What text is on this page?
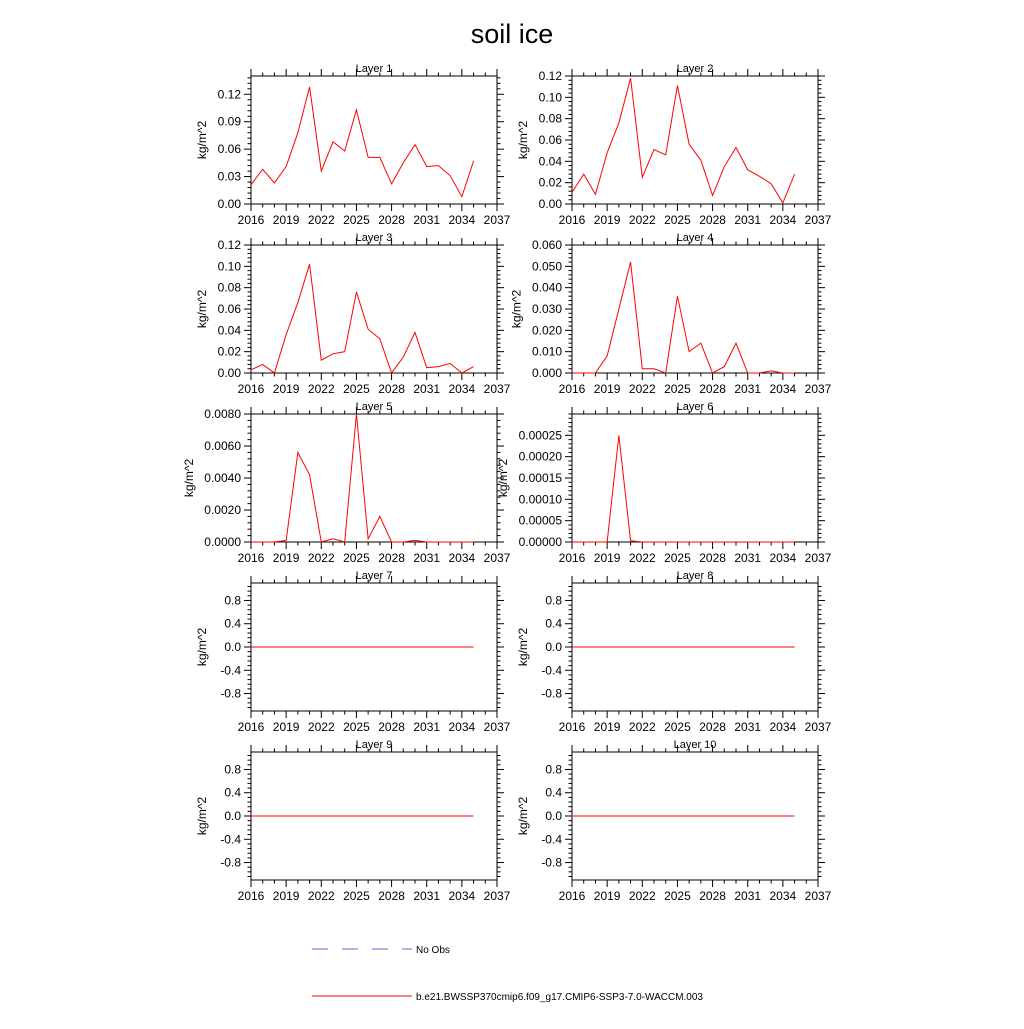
soil ice
Layer 1
2016 2019 2022 2025 2028 2031 2034 2037
0.00
0.03
0.06
0.09
0.12
kg/m^2
Layer 2
2016 2019 2022 2025 2028 2031 2034 2037
0.00
0.02
0.04
0.06
0.08
0.10
0.12
kg/m^2
Layer 3
2016 2019 2022 2025 2028 2031 2034 2037
0.00
0.02
0.04
0.06
0.08
0.10
0.12
kg/m^2
Layer 4
2016 2019 2022 2025 2028 2031 2034 2037
0.000
0.010
0.020
0.030
0.040
0.050
0.060
kg/m^2
Layer 5
2016 2019 2022 2025 2028 2031 2034 2037
0.0000
0.0020
0.0040
0.0060
0.0080
kg/m^2
Layer 6
2016 2019 2022 2025 2028 2031 2034 2037
0.00000
0.00005
0.00010
0.00015
0.00020
0.00025
kg/m^2
Layer 7
2016 2019 2022 2025 2028 2031 2034 2037
-0.8
-0.4
0.0
0.4
0.8
kg/m^2
Layer 8
2016 2019 2022 2025 2028 2031 2034 2037
-0.8
-0.4
0.0
0.4
0.8
kg/m^2
Layer 9
2016 2019 2022 2025 2028 2031 2034 2037
-0.8
-0.4
0.0
0.4
0.8
kg/m^2
Layer 10
2016 2019 2022 2025 2028 2031 2034 2037
-0.8
-0.4
0.0
0.4
0.8
kg/m^2
No Obs
b.e21.BWSSP370cmip6.f09_g17.CMIP6-SSP3-7.0-WACCM.003
